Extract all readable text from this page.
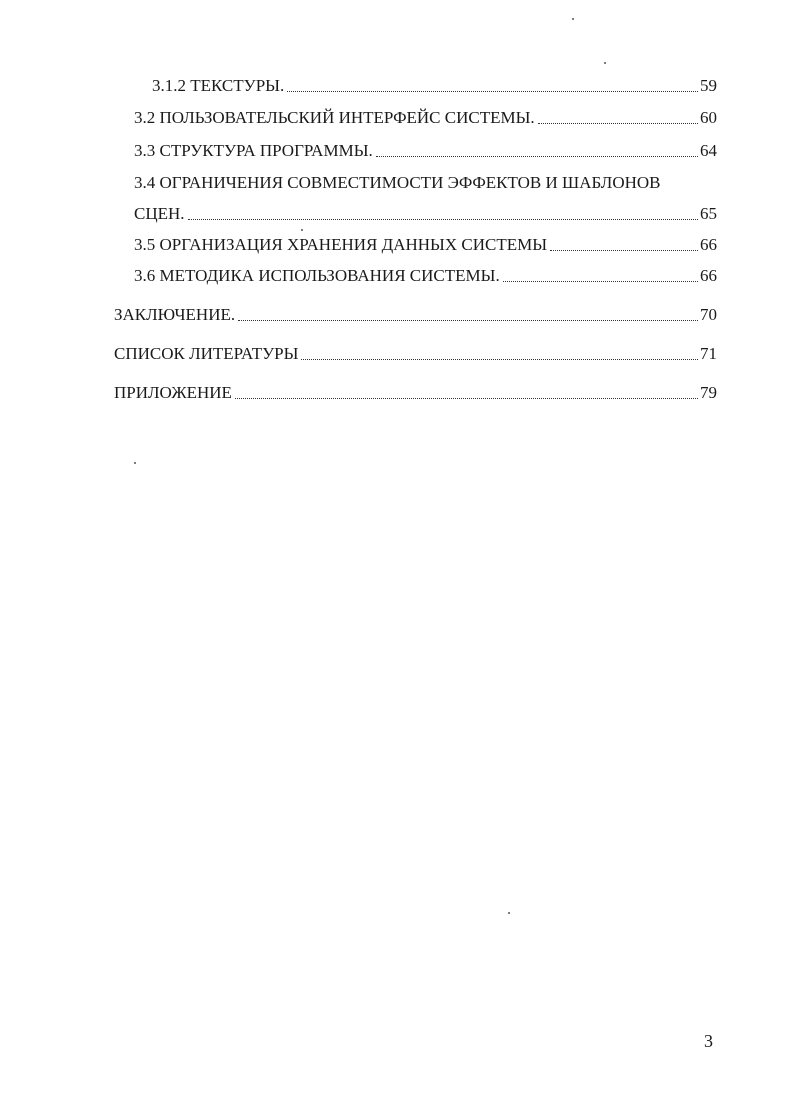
3.1.2 ТЕКСТУРЫ.	59
3.2 ПОЛЬЗОВАТЕЛЬСКИЙ ИНТЕРФЕЙС СИСТЕМЫ.	60
3.3 СТРУКТУРА ПРОГРАММЫ.	64
3.4 ОГРАНИЧЕНИЯ СОВМЕСТИМОСТИ ЭФФЕКТОВ И ШАБЛОНОВ
СЦЕН.	65
3.5 ОРГАНИЗАЦИЯ ХРАНЕНИЯ ДАННЫХ СИСТЕМЫ	66
3.6 МЕТОДИКА ИСПОЛЬЗОВАНИЯ СИСТЕМЫ.	66
ЗАКЛЮЧЕНИЕ.	70
СПИСОК ЛИТЕРАТУРЫ	71
ПРИЛОЖЕНИЕ	79
3
